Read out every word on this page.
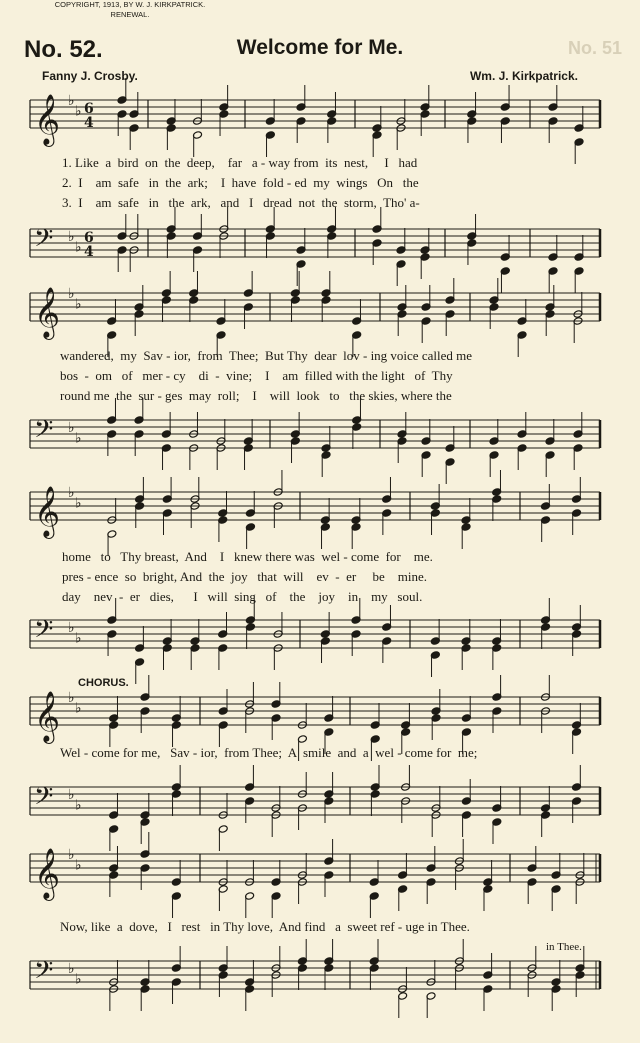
No. 52.	Welcome for Me.	No. 51
Fanny J. Crosby.
COPYRIGHT, 1913, BY W. J. KIRKPATRICK.
RENEWAL.
Wm. J. Kirkpatrick.
𝄞 ♭
♭ 6
4
𝄢 ♭
♭
6
4
𝄞 ♭
♭
𝄢 ♭
♭
𝄞 ♭
♭
𝄢 ♭
♭
𝄞 ♭
♭
𝄢 ♭
♭
𝄞 ♭
♭
𝄢 ♭
♭
1. Like  a  bird  on  the  deep,    far   a - way from  its  nest,     I   had
2.  I    am  safe   in  the  ark;    I  have  fold - ed  my  wings   On   the
3.  I    am  safe   in   the  ark,   and   I   dread  not  the  storm,  Tho' a-
wandered,  my  Sav - ior,  from  Thee;  But Thy  dear  lov - ing voice called me
bos  -  om   of   mer - cy    di  -  vine;    I    am  filled with the light   of  Thy
round me  the  sur - ges  may  roll;    I    will  look   to   the skies, where the
home   to   Thy breast,  And    I   knew there was  wel - come  for    me.
pres - ence  so  bright, And  the  joy   that  will    ev  -  er     be    mine.
day    nev  -  er   dies,      I   will  sing   of    the    joy    in    my   soul.
CHORUS.
Wel - come for me,   Sav - ior,  from Thee;  A  smile  and  a  wel - come for  me;
Now, like  a  dove,   I   rest   in Thy love,  And find   a  sweet ref - uge in Thee.
in Thee.
